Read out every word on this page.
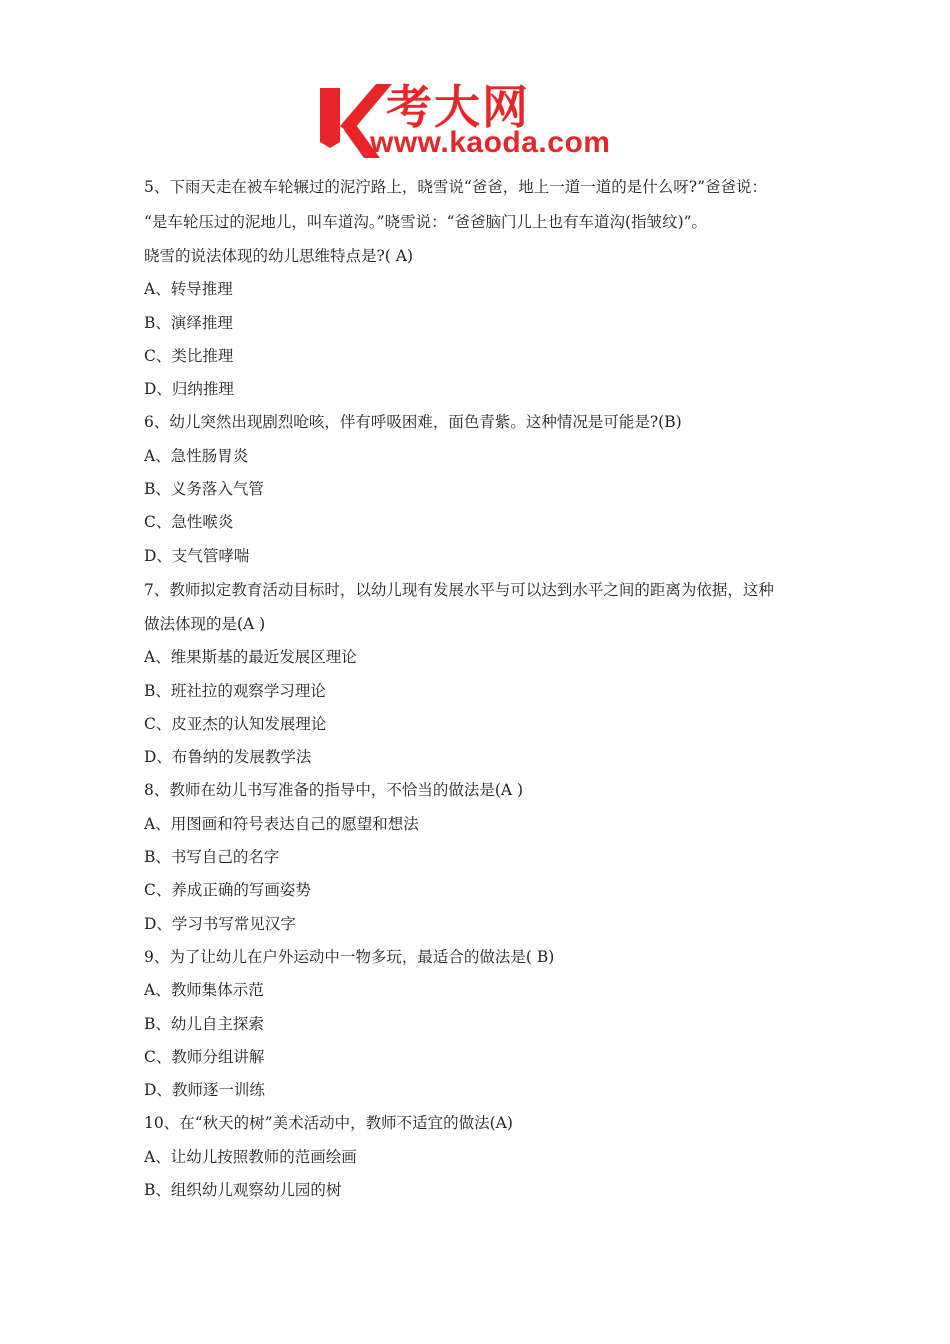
考大网
www.kaoda.com
5、下雨天走在被车轮辗过的泥泞路上，晓雪说“爸爸，地上一道一道的是什么呀?”爸爸说：
“是车轮压过的泥地儿，叫车道沟。”晓雪说：“爸爸脑门儿上也有车道沟(指皱纹)”。
晓雪的说法体现的幼儿思维特点是?( A)
A、转导推理
B、演绎推理
C、类比推理
D、归纳推理
6、幼儿突然出现剧烈呛咳，伴有呼吸困难，面色青紫。这种情况是可能是?(B)
A、急性肠胃炎
B、义务落入气管
C、急性喉炎
D、支气管哮喘
7、教师拟定教育活动目标时，以幼儿现有发展水平与可以达到水平之间的距离为依据，这种
做法体现的是(A )
A、维果斯基的最近发展区理论
B、班社拉的观察学习理论
C、皮亚杰的认知发展理论
D、布鲁纳的发展教学法
8、教师在幼儿书写准备的指导中，不恰当的做法是(A )
A、用图画和符号表达自己的愿望和想法
B、书写自己的名字
C、养成正确的写画姿势
D、学习书写常见汉字
9、为了让幼儿在户外运动中一物多玩，最适合的做法是( B)
A、教师集体示范
B、幼儿自主探索
C、教师分组讲解
D、教师逐一训练
10、在“秋天的树”美术活动中，教师不适宜的做法(A)
A、让幼儿按照教师的范画绘画
B、组织幼儿观察幼儿园的树
